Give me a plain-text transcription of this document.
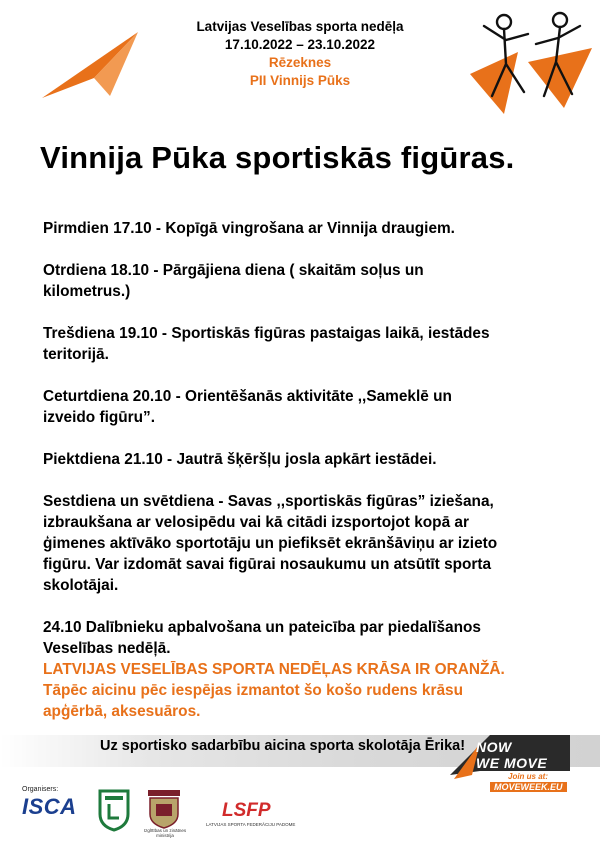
Latvijas Veselības sporta nedēļa
17.10.2022 – 23.10.2022
Rēzeknes
PII Vinnijs Pūks
Vinnija Pūka sportiskās figūras.
Pirmdien 17.10 - Kopīgā vingrošana ar Vinnija draugiem.
Otrdiena 18.10 - Pārgājiena diena ( skaitām soļus un
kilometrus.)
Trešdiena 19.10 - Sportiskās figūras pastaigas laikā, iestādes
teritorijā.
Ceturtdiena 20.10 - Orientēšanās aktivitāte ,,Sameklē un
izveido figūru”.
Piektdiena 21.10 - Jautrā šķēršļu josla apkārt iestādei.
Sestdiena un svētdiena - Savas ,,sportiskās figūras” iziešana,
izbraukšana ar velosipēdu vai kā citādi izsportojot kopā ar
ģimenes aktīvāko sportotāju un piefiksēt ekrānšāviņu ar izieto
figūru. Var izdomāt savai figūrai nosaukumu un atsūtīt sporta
skolotājai.
24.10 Dalībnieku apbalvošana un pateicība par piedalīšanos
Veselības nedēļā.
LATVIJAS VESELĪBAS SPORTA NEDĒĻAS KRĀSA IR ORANŽĀ.
Tāpēc aicinu pēc iespējas izmantot šo košo rudens krāsu
apģērbā, aksesuāros.
Uz sportisko sadarbību aicina sporta skolotāja Ērika! NOW
WE MOVE
Join us at:
MOVEWEEK.EU
Organisers:
ISCA
Izglītības un zinātnes ministrija
LSFP
LATVIJAS SPORTA FEDERĀCIJU PADOME
